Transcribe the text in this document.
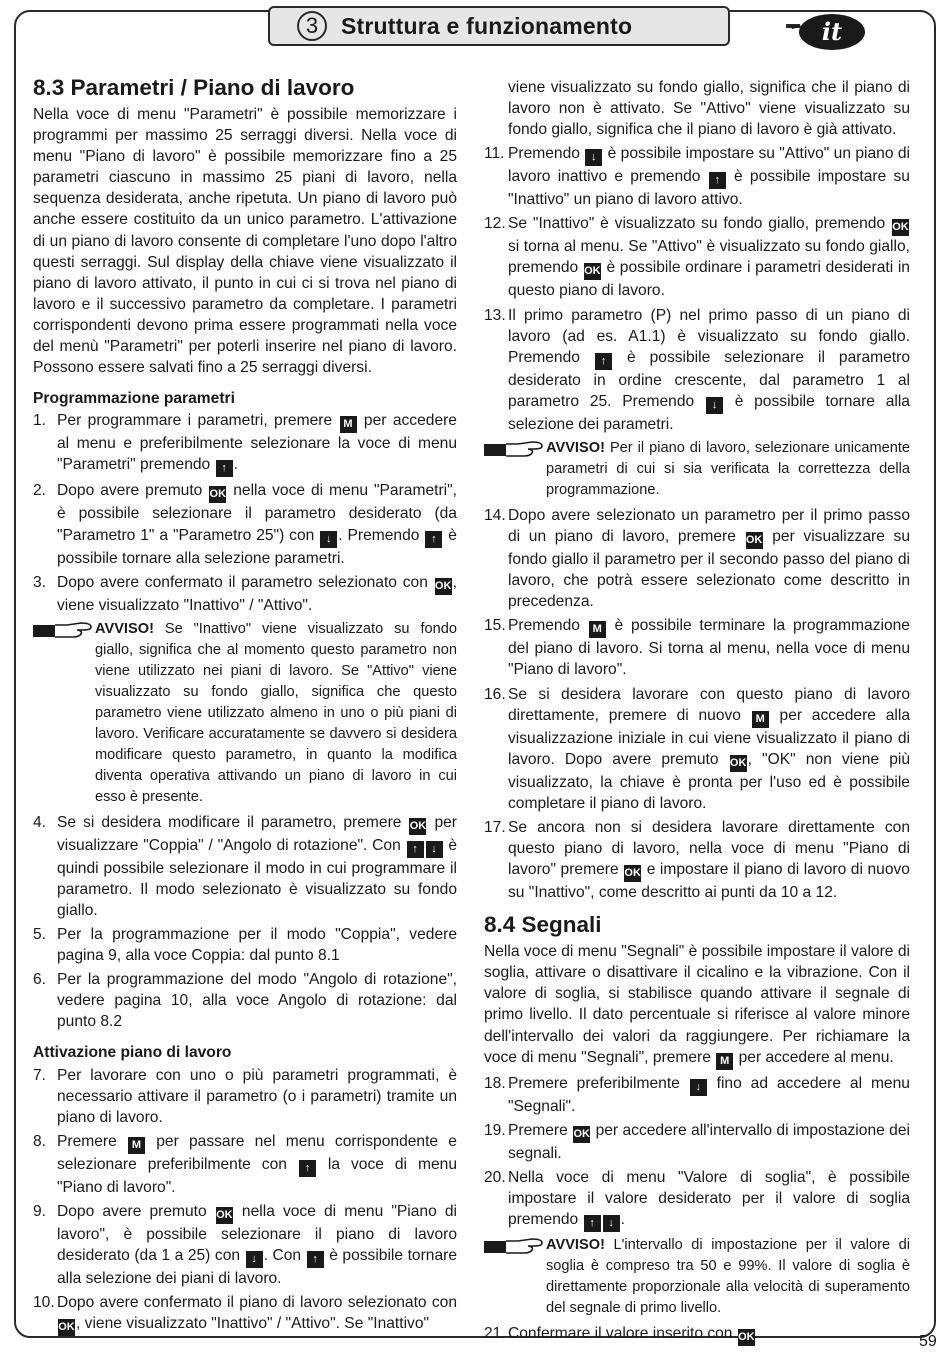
3 Struttura e funzionamento	it
8.3 Parametri / Piano di lavoro

Nella voce di menu "Parametri" è possibile memorizzare i programmi per massimo 25 serraggi diversi. Nella voce di menu "Piano di lavoro" è possibile memorizzare fino a 25 parametri ciascuno in massimo 25 piani di lavoro, nella sequenza desiderata, anche ripetuta. Un piano di lavoro può anche essere costituito da un unico parametro. L'attivazione di un piano di lavoro consente di completare l'uno dopo l'altro questi serraggi. Sul display della chiave viene visualizzato il piano di lavoro attivato, il punto in cui ci si trova nel piano di lavoro e il successivo parametro da completare. I parametri corrispondenti devono prima essere programmati nella voce del menù "Parametri" per poterli inserire nel piano di lavoro. Possono essere salvati fino a 25 serraggi diversi.

Programmazione parametri
1. Per programmare i parametri, premere M per accedere al menu e preferibilmente selezionare la voce di menu "Parametri" premendo ↑ .
2. Dopo avere premuto OK nella voce di menu "Parametri", è possibile selezionare il parametro desiderato (da "Parametro 1" a "Parametro 25") con ↓ . Premendo ↑ è possibile tornare alla selezione parametri.
3. Dopo avere confermato il parametro selezionato con OK, viene visualizzato "Inattivo" / "Attivo".
AVVISO! Se "Inattivo" viene visualizzato su fondo giallo, significa che al momento questo parametro non viene utilizzato nei piani di lavoro. Se "Attivo" viene visualizzato su fondo giallo, significa che questo parametro viene utilizzato almeno in uno o più piani di lavoro. Verificare accuratamente se davvero si desidera modificare questo parametro, in quanto la modifica diventa operativa attivando un piano di lavoro in cui esso è presente.
4. Se si desidera modificare il parametro, premere OK per visualizzare "Coppia" / "Angolo di rotazione". Con ↑ ↓ è quindi possibile selezionare il modo in cui programmare il parametro. Il modo selezionato è visualizzato su fondo giallo.
5. Per la programmazione per il modo "Coppia", vedere pagina 9, alla voce Coppia: dal punto 8.1
6. Per la programmazione del modo "Angolo di rotazione", vedere pagina 10, alla voce Angolo di rotazione: dal punto 8.2
Attivazione piano di lavoro
7. Per lavorare con uno o più parametri programmati, è necessario attivare il parametro (o i parametri) tramite un piano di lavoro.
8. Premere M per passare nel menu corrispondente e selezionare preferibilmente con ↑ la voce di menu "Piano di lavoro".
9. Dopo avere premuto OK nella voce di menu "Piano di lavoro", è possibile selezionare il piano di lavoro desiderato (da 1 a 25) con ↓ . Con ↑ è possibile tornare alla selezione dei piani di lavoro.
10. Dopo avere confermato il piano di lavoro selezionato con OK, viene visualizzato "Inattivo" / "Attivo". Se "Inattivo"
viene visualizzato su fondo giallo, significa che il piano di lavoro non è attivato. Se "Attivo" viene visualizzato su fondo giallo, significa che il piano di lavoro è già attivato.
11. Premendo ↓ è possibile impostare su "Attivo" un piano di lavoro inattivo e premendo ↑ è possibile impostare su "Inattivo" un piano di lavoro attivo.
12. Se "Inattivo" è visualizzato su fondo giallo, premendo OK si torna al menu. Se "Attivo" è visualizzato su fondo giallo, premendo OK è possibile ordinare i parametri desiderati in questo piano di lavoro.
13. Il primo parametro (P) nel primo passo di un piano di lavoro (ad es. A1.1) è visualizzato su fondo giallo. Premendo ↑ è possibile selezionare il parametro desiderato in ordine crescente, dal parametro 1 al parametro 25. Premendo ↓ è possibile tornare alla selezione dei parametri.
AVVISO! Per il piano di lavoro, selezionare unicamente parametri di cui si sia verificata la correttezza della programmazione.
14. Dopo avere selezionato un parametro per il primo passo di un piano di lavoro, premere OK per visualizzare su fondo giallo il parametro per il secondo passo del piano di lavoro, che potrà essere selezionato come descritto in precedenza.
15. Premendo M è possibile terminare la programmazione del piano di lavoro. Si torna al menu, nella voce di menu "Piano di lavoro".
16. Se si desidera lavorare con questo piano di lavoro direttamente, premere di nuovo M per accedere alla visualizzazione iniziale in cui viene visualizzato il piano di lavoro. Dopo avere premuto OK, "OK" non viene più visualizzato, la chiave è pronta per l'uso ed è possibile completare il piano di lavoro.
17. Se ancora non si desidera lavorare direttamente con questo piano di lavoro, nella voce di menu "Piano di lavoro" premere OK e impostare il piano di lavoro di nuovo su "Inattivo", come descritto ai punti da 10 a 12.
8.4 Segnali

Nella voce di menu "Segnali" è possibile impostare il valore di soglia, attivare o disattivare il cicalino e la vibrazione. Con il valore di soglia, si stabilisce quando attivare il segnale di primo livello. Il dato percentuale si riferisce al valore minore dell'intervallo dei valori da raggiungere. Per richiamare la voce di menu "Segnali", premere M per accedere al menu.

18. Premere preferibilmente ↓ fino ad accedere al menu "Segnali".
19. Premere OK per accedere all'intervallo di impostazione dei segnali.
20. Nella voce di menu "Valore di soglia", è possibile impostare il valore desiderato per il valore di soglia premendo ↑ ↓ .
AVVISO! L'intervallo di impostazione per il valore di soglia è compreso tra 50 e 99%. Il valore di soglia è direttamente proporzionale alla velocità di superamento del segnale di primo livello.
21. Confermare il valore inserito con OK.	59
